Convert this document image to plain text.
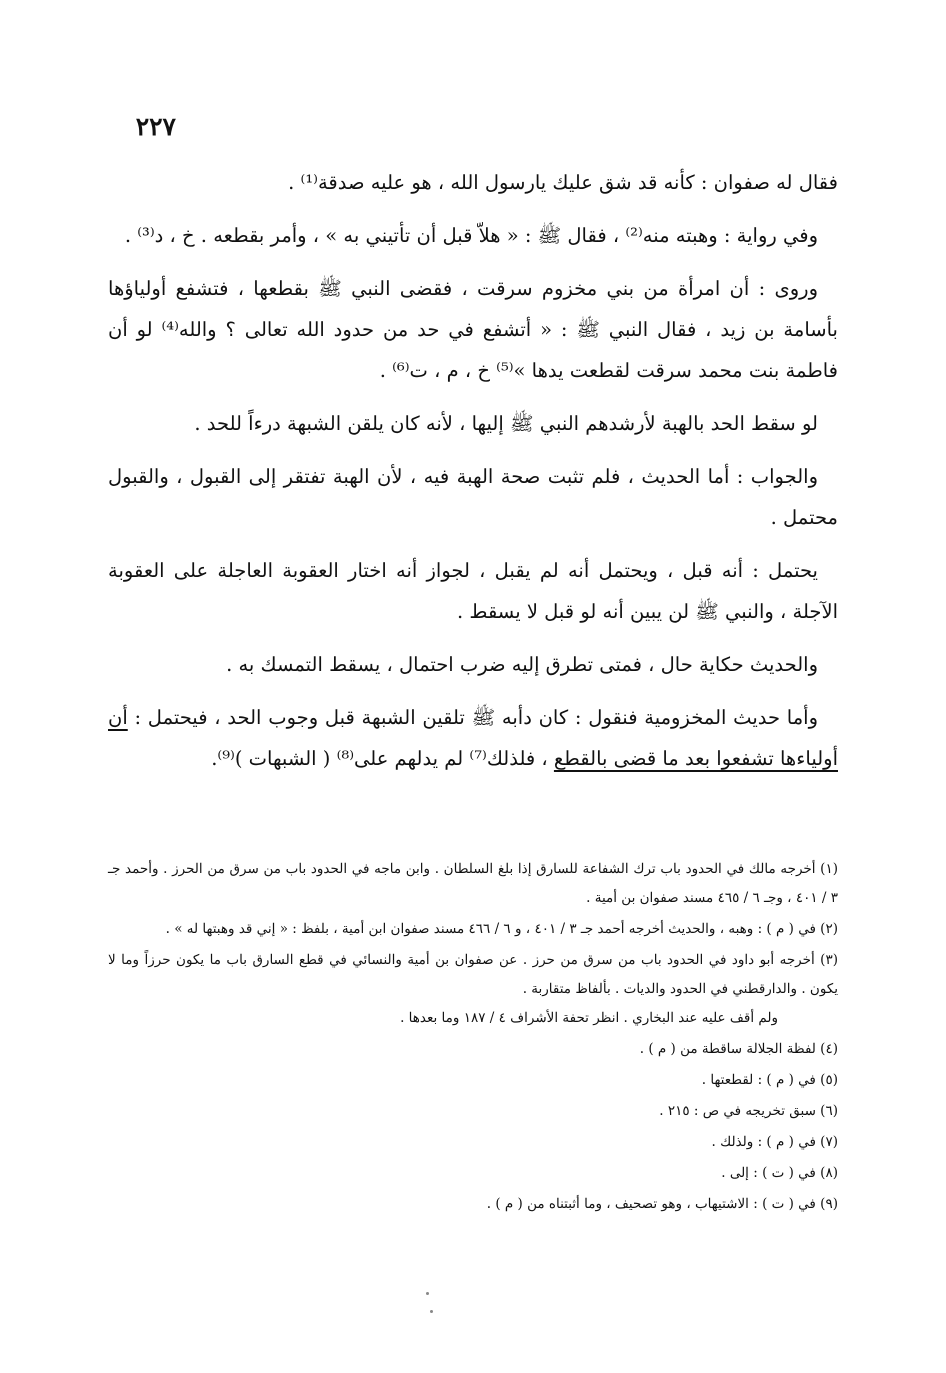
٢٢٧

فقال له صفوان : كأنه قد شق عليك يارسول الله ، هو عليه صدقة⁽¹⁾ .

وفي رواية : وهبته منه⁽²⁾ ، فقال ﷺ : « هلاّ قبل أن تأتيني به » ، وأمر بقطعه . خ ، د⁽³⁾ .

وروى : أن امرأة من بني مخزوم سرقت ، فقضى النبي ﷺ بقطعها ، فتشفع أولياؤها بأسامة بن زيد ، فقال النبي ﷺ : « أتشفع في حد من حدود الله تعالى ؟ والله⁽⁴⁾ لو أن فاطمة بنت محمد سرقت لقطعت يدها »⁽⁵⁾ خ ، م ، ت⁽⁶⁾ .

لو سقط الحد بالهبة لأرشدهم النبي ﷺ إليها ، لأنه كان يلقن الشبهة درءاً للحد .

والجواب : أما الحديث ، فلم تثبت صحة الهبة فيه ، لأن الهبة تفتقر إلى القبول ، والقبول محتمل .

يحتمل : أنه قبل ، ويحتمل أنه لم يقبل ، لجواز أنه اختار العقوبة العاجلة على العقوبة الآجلة ، والنبي ﷺ لن يبين أنه لو قبل لا يسقط .

والحديث حكاية حال ، فمتى تطرق إليه ضرب احتمال ، يسقط التمسك به .

وأما حديث المخزومية فنقول : كان دأبه ﷺ تلقين الشبهة قبل وجوب الحد ، فيحتمل : أن أولياءها تشفعوا بعد ما قضى بالقطع ، فلذلك⁽⁷⁾ لم يدلهم على⁽⁸⁾ ( الشبهات )⁽⁹⁾.

(١) أخرجه مالك في الحدود باب ترك الشفاعة للسارق إذا بلغ السلطان . وابن ماجه في الحدود باب من سرق من الحرز . وأحمد جـ ٣ / ٤٠١ ، وجـ ٦ / ٤٦٥ مسند صفوان بن أمية .

(٢) في ( م ) : وهبه ، والحديث أخرجه أحمد جـ ٣ / ٤٠١ ، و ٦ / ٤٦٦ مسند صفوان ابن أمية ، بلفظ : « إني قد وهبتها له » .

(٣) أخرجه أبو داود في الحدود باب من سرق من حرز . عن صفوان بن أمية والنسائي في قطع السارق باب ما يكون حرزاً وما لا يكون . والدارقطني في الحدود والديات . بألفاظ متقاربة .

ولم أقف عليه عند البخاري . انظر تحفة الأشراف ٤ / ١٨٧ وما بعدها .

(٤) لفظة الجلالة ساقطة من ( م ) .

(٥) في ( م ) : لقطعتها .

(٦) سبق تخريجه في ص : ٢١٥ .

(٧) في ( م ) : ولذلك .

(٨) في ( ت ) : إلى .

(٩) في ( ت ) : الاشتيهاب ، وهو تصحيف ، وما أثبتناه من ( م ) .
